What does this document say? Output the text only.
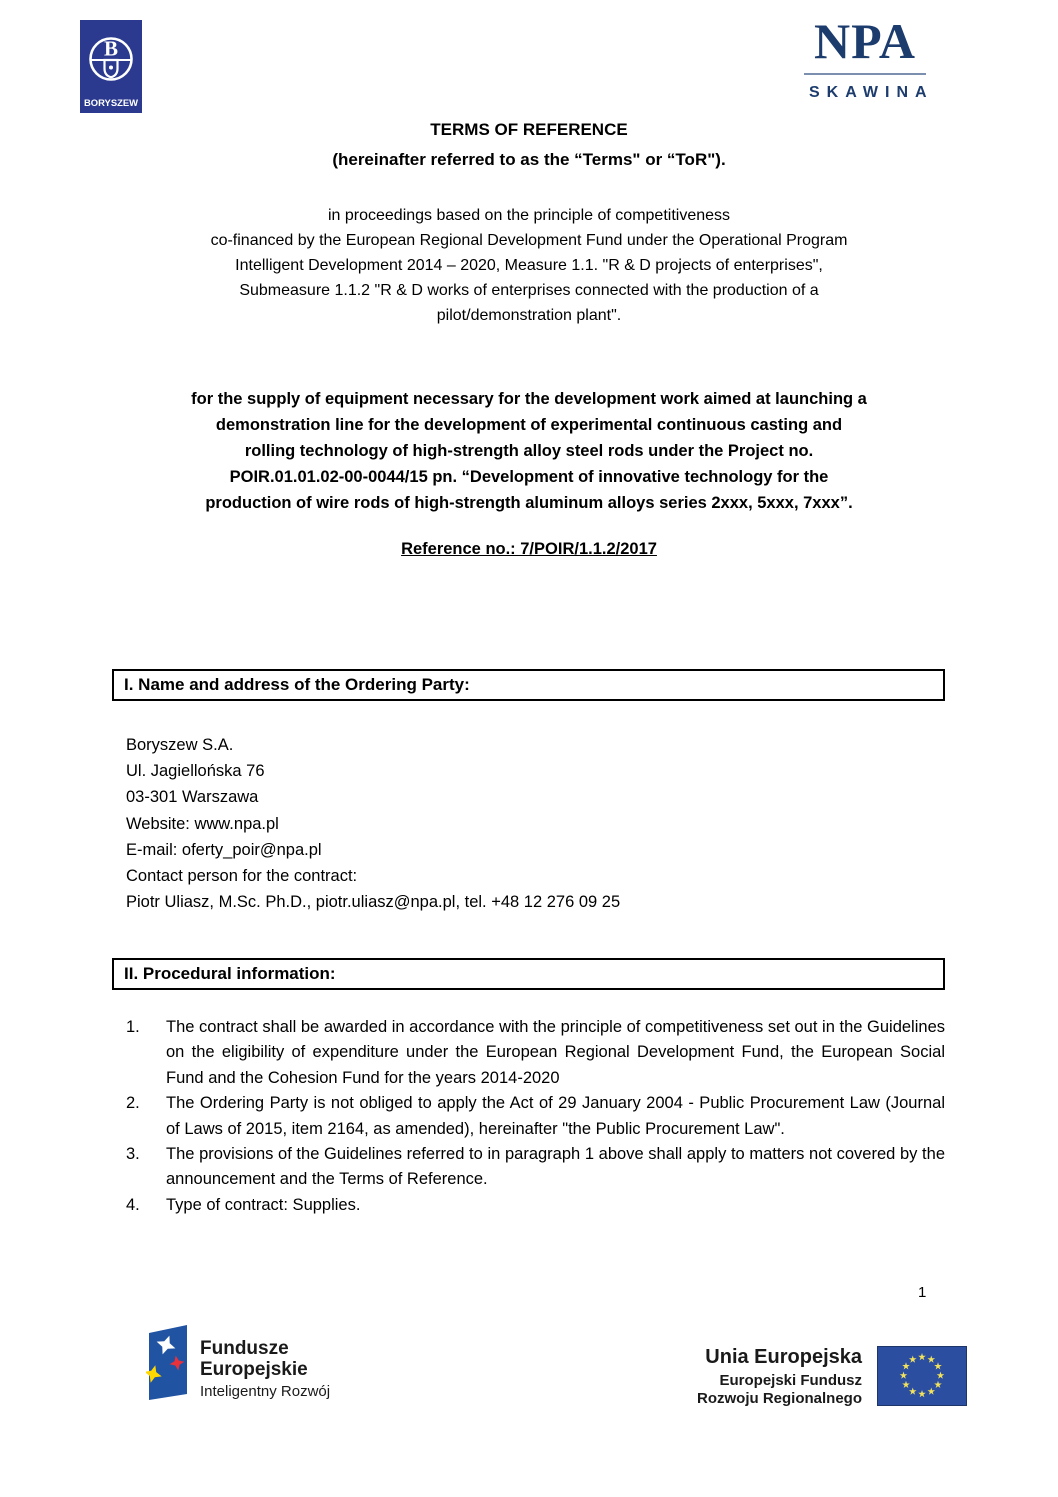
B
BORYSZEW
NPA
SKAWINA
TERMS OF REFERENCE
(hereinafter referred to as the “Terms" or “ToR").
in proceedings based on the principle of competitiveness
co-financed by the European Regional Development Fund under the Operational Program
Intelligent Development 2014 – 2020, Measure 1.1. "R & D projects of enterprises",
Submeasure 1.1.2 "R & D works of enterprises connected with the production of a
pilot/demonstration plant".
for the supply of equipment necessary for the development work aimed at launching a
demonstration line for the development of experimental continuous casting and
rolling technology of high-strength alloy steel rods under the Project no.
POIR.01.01.02-00-0044/15 pn. “Development of innovative technology for the
production of wire rods of high-strength aluminum alloys series 2xxx, 5xxx, 7xxx”.
Reference no.: 7/POIR/1.1.2/2017
I. Name and address of the Ordering Party:
Boryszew S.A.
Ul. Jagiellońska 76
03-301 Warszawa
Website: www.npa.pl
E-mail: oferty_poir@npa.pl
Contact person for the contract:
Piotr Uliasz, M.Sc. Ph.D., piotr.uliasz@npa.pl, tel. +48 12 276 09 25
II. Procedural information:
1. The contract shall be awarded in accordance with the principle of competitiveness set out in the Guidelines on the eligibility of expenditure under the European Regional Development Fund, the European Social Fund and the Cohesion Fund for the years 2014-2020
2. The Ordering Party is not obliged to apply the Act of 29 January 2004 - Public Procurement Law (Journal of Laws of 2015, item 2164, as amended), hereinafter "the Public Procurement Law".
3. The provisions of the Guidelines referred to in paragraph 1 above shall apply to matters not covered by the announcement and the Terms of Reference.
4. Type of contract: Supplies.
1
Fundusze
Europejskie
Inteligentny Rozwój
Unia Europejska
Europejski Fundusz
Rozwoju Regionalnego
